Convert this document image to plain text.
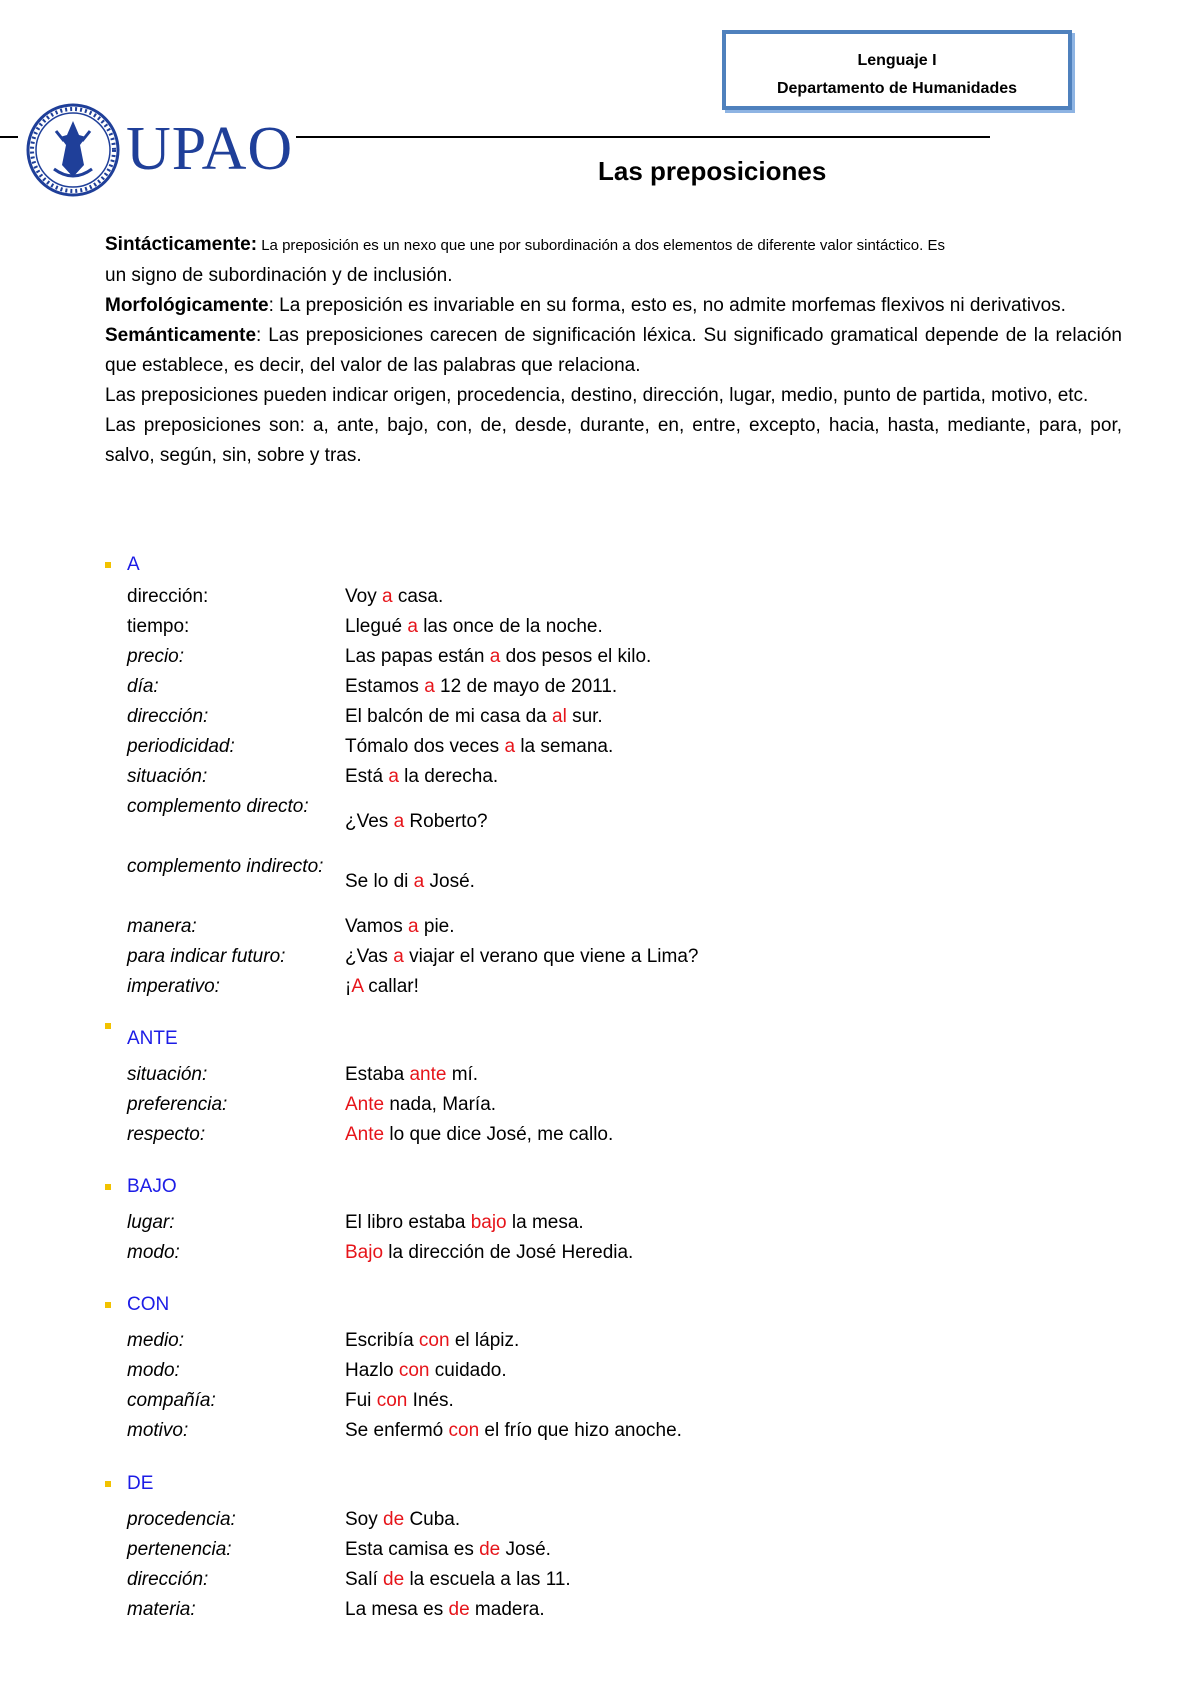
Lenguaje I
Departamento de Humanidades
UPAO	Las preposiciones

Sintácticamente: La preposición es un nexo que une por subordinación a dos elementos de diferente valor sintáctico. Es
un signo de subordinación y de inclusión.

Morfológicamente: La preposición es invariable en su forma, esto es, no admite morfemas flexivos ni derivativos.

Semánticamente: Las preposiciones carecen de significación léxica. Su significado gramatical depende de la relación que establece, es decir, del valor de las palabras que relaciona.

Las preposiciones pueden indicar origen, procedencia, destino, dirección, lugar, medio, punto de partida, motivo, etc.

Las preposiciones son: a, ante, bajo, con, de, desde, durante, en, entre, excepto, hacia, hasta, mediante, para, por, salvo, según, sin, sobre y tras.

A
dirección:	Voy a casa.
tiempo:	Llegué a las once de la noche.
precio:	Las papas están a dos pesos el kilo.
día:	Estamos a 12 de mayo de 2011.
dirección:	El balcón de mi casa da al sur.
periodicidad:	Tómalo dos veces a la semana.
situación:	Está a la derecha.
complemento directo:
¿Ves a Roberto?
complemento indirecto:
Se lo di a José.
manera:	Vamos a pie.
para indicar futuro:	¿Vas a viajar el verano que viene a Lima?
imperativo:	¡A callar!
ANTE
situación:	Estaba ante mí.
preferencia:	Ante nada, María.
respecto:	Ante lo que dice José, me callo.
BAJO
lugar:	El libro estaba bajo la mesa.
modo:	Bajo la dirección de José Heredia.
CON
medio:	Escribía con el lápiz.
modo:	Hazlo con cuidado.
compañía:	Fui con Inés.
motivo:	Se enfermó con el frío que hizo anoche.
DE
procedencia:	Soy de Cuba.
pertenencia:	Esta camisa es de José.
dirección:	Salí de la escuela a las 11.
materia:	La mesa es de madera.
